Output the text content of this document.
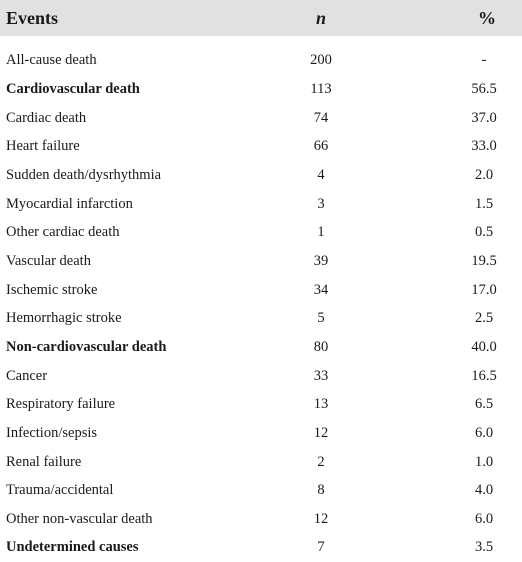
Events	n	%
All-cause death	200	-
Cardiovascular death	113	56.5
Cardiac death	74	37.0
Heart failure	66	33.0
Sudden death/dysrhythmia	4	2.0
Myocardial infarction	3	1.5
Other cardiac death	1	0.5
Vascular death	39	19.5
Ischemic stroke	34	17.0
Hemorrhagic stroke	5	2.5
Non-cardiovascular death	80	40.0
Cancer	33	16.5
Respiratory failure	13	6.5
Infection/sepsis	12	6.0
Renal failure	2	1.0
Trauma/accidental	8	4.0
Other non-vascular death	12	6.0
Undetermined causes	7	3.5
